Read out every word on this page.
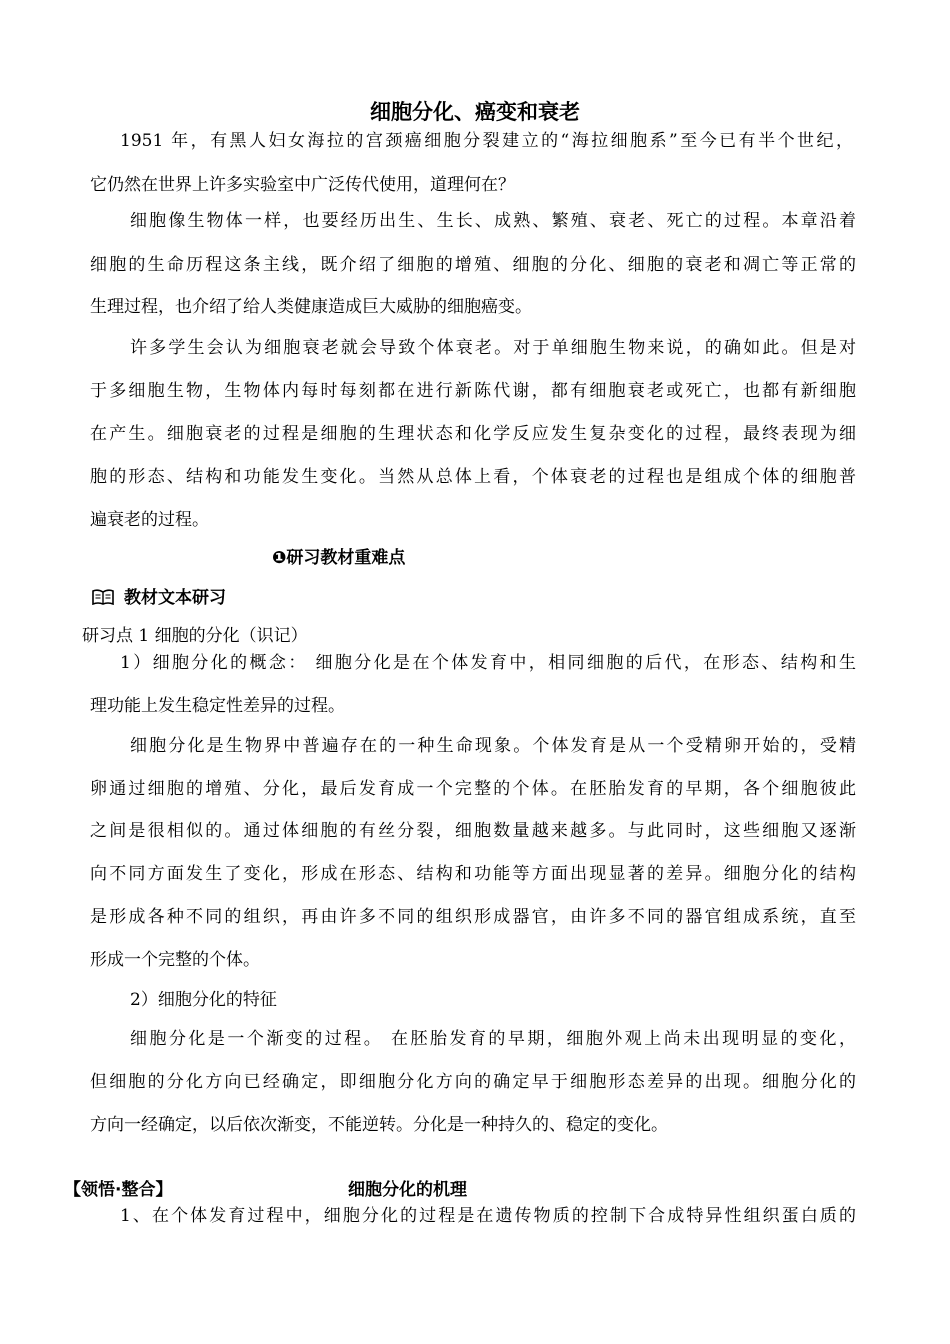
细胞分化、癌变和衰老
1951 年，有黑人妇女海拉的宫颈癌细胞分裂建立的“海拉细胞系”至今已有半个世纪，
它仍然在世界上许多实验室中广泛传代使用，道理何在？
细胞像生物体一样，也要经历出生、生长、成熟、繁殖、衰老、死亡的过程。本章沿着
细胞的生命历程这条主线，既介绍了细胞的增殖、细胞的分化、细胞的衰老和凋亡等正常的
生理过程，也介绍了给人类健康造成巨大威胁的细胞癌变。
许多学生会认为细胞衰老就会导致个体衰老。对于单细胞生物来说，的确如此。但是对
于多细胞生物，生物体内每时每刻都在进行新陈代谢，都有细胞衰老或死亡，也都有新细胞
在产生。细胞衰老的过程是细胞的生理状态和化学反应发生复杂变化的过程，最终表现为细
胞的形态、结构和功能发生变化。当然从总体上看，个体衰老的过程也是组成个体的细胞普
遍衰老的过程。
❶研习教材重难点
教材文本研习
研习点 1 细胞的分化（识记）
1）细胞分化的概念： 细胞分化是在个体发育中，相同细胞的后代，在形态、结构和生
理功能上发生稳定性差异的过程。
细胞分化是生物界中普遍存在的一种生命现象。个体发育是从一个受精卵开始的，受精
卵通过细胞的增殖、分化，最后发育成一个完整的个体。在胚胎发育的早期，各个细胞彼此
之间是很相似的。通过体细胞的有丝分裂，细胞数量越来越多。与此同时，这些细胞又逐渐
向不同方面发生了变化，形成在形态、结构和功能等方面出现显著的差异。细胞分化的结构
是形成各种不同的组织，再由许多不同的组织形成器官，由许多不同的器官组成系统，直至
形成一个完整的个体。
2）细胞分化的特征
细胞分化是一个渐变的过程。 在胚胎发育的早期，细胞外观上尚未出现明显的变化，
但细胞的分化方向已经确定，即细胞分化方向的确定早于细胞形态差异的出现。细胞分化的
方向一经确定，以后依次渐变，不能逆转。分化是一种持久的、稳定的变化。
【领悟·整合】	细胞分化的机理
1、在个体发育过程中，细胞分化的过程是在遗传物质的控制下合成特异性组织蛋白质的
